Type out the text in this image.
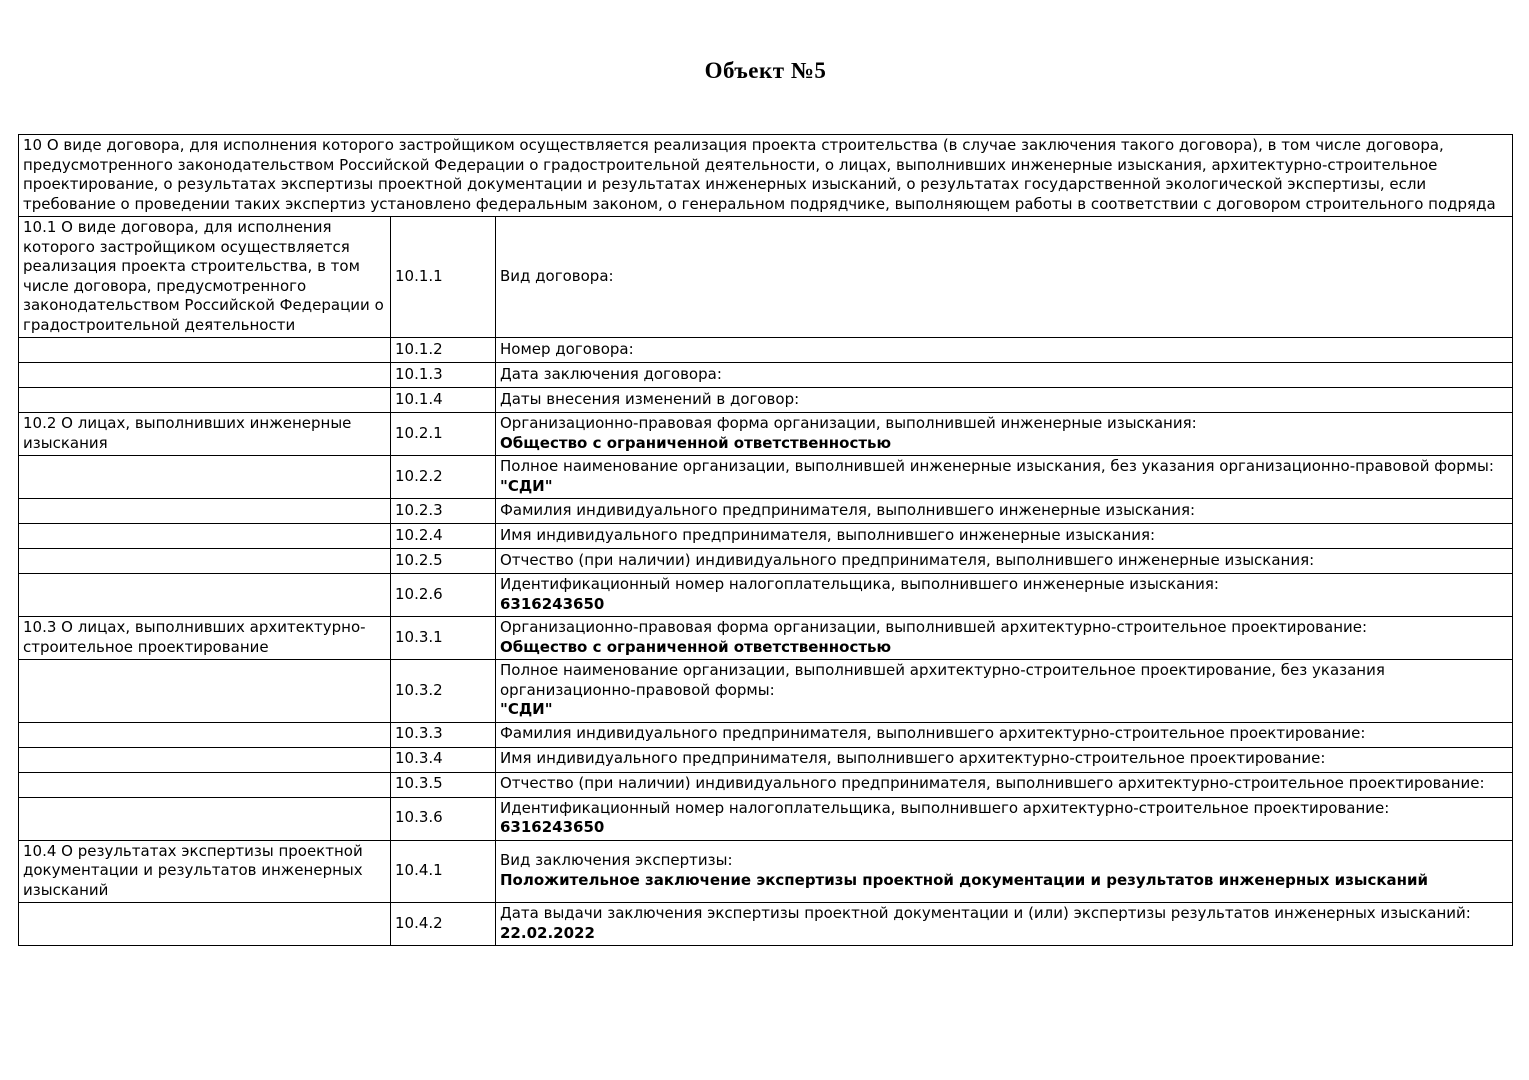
Объект №5
10 О виде договора, для исполнения которого застройщиком осуществляется реализация проекта строительства (в случае заключения такого договора), в том числе договора, предусмотренного законодательством Российской Федерации о градостроительной деятельности, о лицах, выполнивших инженерные изыскания, архитектурно-строительное проектирование, о результатах экспертизы проектной документации и результатах инженерных изысканий, о результатах государственной экологической экспертизы, если требование о проведении таких экспертиз установлено федеральным законом, о генеральном подрядчике, выполняющем работы в соответствии с договором строительного подряда		
10.1 О виде договора, для исполнения которого застройщиком осуществляется реализация проекта строительства, в том числе договора, предусмотренного законодательством Российской Федерации о градостроительной деятельности	10.1.1	Вид договора:

	10.1.2	Номер договора:

	10.1.3	Дата заключения договора:

	10.1.4	Даты внесения изменений в договор:

10.2 О лицах, выполнивших инженерные изыскания	10.2.1	Организационно-правовая форма организации, выполнившей инженерные изыскания:
Общество с ограниченной ответственностью

	10.2.2	Полное наименование организации, выполнившей инженерные изыскания, без указания организационно-правовой формы:
"СДИ"

	10.2.3	Фамилия индивидуального предпринимателя, выполнившего инженерные изыскания:

	10.2.4	Имя индивидуального предпринимателя, выполнившего инженерные изыскания:

	10.2.5	Отчество (при наличии) индивидуального предпринимателя, выполнившего инженерные изыскания:

	10.2.6	Идентификационный номер налогоплательщика, выполнившего инженерные изыскания:
6316243650

10.3 О лицах, выполнивших архитектурно-строительное проектирование	10.3.1	Организационно-правовая форма организации, выполнившей архитектурно-строительное проектирование:
Общество с ограниченной ответственностью

	10.3.2	Полное наименование организации, выполнившей архитектурно-строительное проектирование, без указания организационно-правовой формы:
"СДИ"

	10.3.3	Фамилия индивидуального предпринимателя, выполнившего архитектурно-строительное проектирование:

	10.3.4	Имя индивидуального предпринимателя, выполнившего архитектурно-строительное проектирование:

	10.3.5	Отчество (при наличии) индивидуального предпринимателя, выполнившего архитектурно-строительное проектирование:

	10.3.6	Идентификационный номер налогоплательщика, выполнившего архитектурно-строительное проектирование:
6316243650

10.4 О результатах экспертизы проектной документации и результатов инженерных изысканий	10.4.1	Вид заключения экспертизы:
Положительное заключение экспертизы проектной документации и результатов инженерных изысканий

	10.4.2	Дата выдачи заключения экспертизы проектной документации и (или) экспертизы результатов инженерных изысканий:
22.02.2022
